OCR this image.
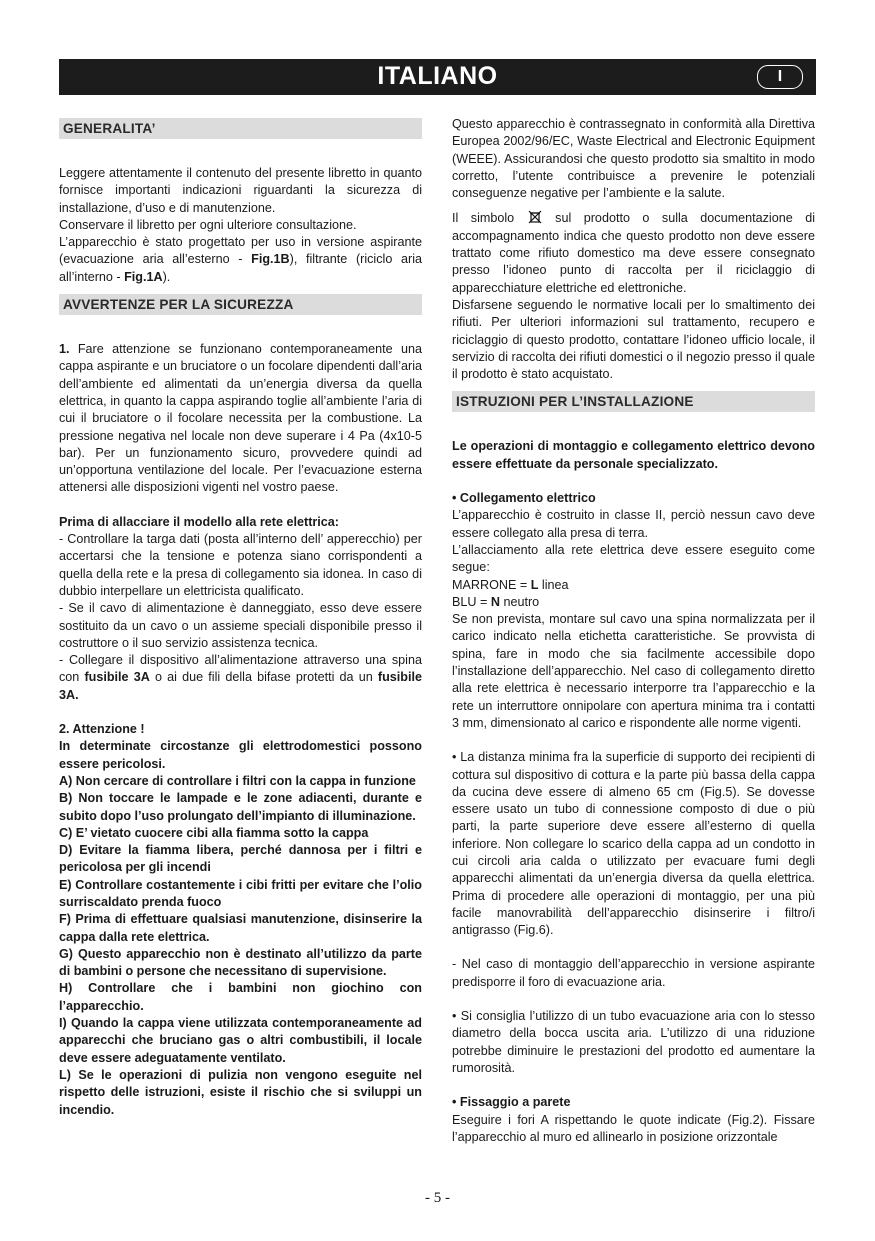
ITALIANO	I
GENERALITA’

Leggere attentamente il contenuto del presente libretto in quanto fornisce importanti indicazioni riguardanti la sicurezza di installazione, d’uso e di manutenzione.

Conservare il libretto per ogni ulteriore consultazione.

L’apparecchio è stato progettato per uso in versione aspirante (evacuazione aria all’esterno - Fig.1B), filtrante (riciclo aria all’interno - Fig.1A).

AVVERTENZE PER LA SICUREZZA

1. Fare attenzione se funzionano contemporaneamente una cappa aspirante e un bruciatore o un focolare dipendenti dall’aria dell’ambiente ed alimentati da un’energia diversa da quella elettrica, in quanto la cappa aspirando toglie all’ambiente l’aria di cui il bruciatore o il focolare necessita per la combustione. La pressione negativa nel locale non deve superare i 4 Pa (4x10-5 bar). Per un funzionamento sicuro, provvedere quindi ad un’opportuna ventilazione del locale. Per l’evacuazione esterna attenersi alle disposizioni vigenti nel vostro paese.

Prima di allacciare il modello alla rete elettrica:

- Controllare la targa dati (posta all’interno dell’ apperecchio) per accertarsi che la tensione e potenza siano corrispondenti a quella della rete e la presa di collegamento sia idonea. In caso di dubbio interpellare un elettricista qualificato.

- Se il cavo di alimentazione è danneggiato, esso deve essere sostituito da un cavo o un assieme speciali disponibile presso il costruttore o il suo servizio assistenza tecnica.

- Collegare il dispositivo all’alimentazione attraverso una spina con fusibile 3A o ai due fili della bifase protetti da un fusibile 3A.

2. Attenzione !

In determinate circostanze gli elettrodomestici possono essere pericolosi.

A) Non cercare di controllare i filtri con la cappa in funzione

B) Non toccare le lampade e le zone adiacenti, durante e subito dopo l’uso prolungato dell’impianto di illuminazione.

C) E’ vietato cuocere cibi alla fiamma sotto la cappa

D) Evitare la fiamma libera, perché dannosa per i filtri e pericolosa per gli incendi

E) Controllare costantemente i cibi fritti per evitare che l’olio surriscaldato prenda fuoco

F) Prima di effettuare qualsiasi manutenzione, disinserire la cappa dalla rete elettrica.

G) Questo apparecchio non è destinato all’utilizzo da parte di bambini o persone che necessitano di supervisione.

H) Controllare che i bambini non giochino con l’apparecchio.

I) Quando la cappa viene utilizzata contemporaneamente ad apparecchi che bruciano gas o altri combustibili, il locale deve essere adeguatamente ventilato.

L) Se le operazioni di pulizia non vengono eseguite nel rispetto delle istruzioni, esiste il rischio che si sviluppi un incendio.

Questo apparecchio è contrassegnato in conformità alla Direttiva Europea 2002/96/EC, Waste Electrical and Electronic Equipment (WEEE). Assicurandosi che questo prodotto sia smaltito in modo corretto, l’utente contribuisce a prevenire le potenziali conseguenze negative per l’ambiente e la salute.

Il simbolo	sul prodotto o sulla documentazione di accompagnamento indica che questo prodotto non deve essere trattato come rifiuto domestico ma deve essere consegnato presso l’idoneo punto di raccolta per il riciclaggio di apparecchiature elettriche ed elettroniche.

Disfarsene seguendo le normative locali per lo smaltimento dei rifiuti. Per ulteriori informazioni sul trattamento, recupero e riciclaggio di questo prodotto, contattare l’idoneo ufficio locale, il servizio di raccolta dei rifiuti domestici o il negozio presso il quale il prodotto è stato acquistato.

ISTRUZIONI PER L’INSTALLAZIONE

Le operazioni di montaggio e collegamento elettrico devono essere effettuate da personale specializzato.

• Collegamento elettrico

L’apparecchio è costruito in classe II, perciò nessun cavo deve essere collegato alla presa di terra.

L’allacciamento alla rete elettrica deve essere eseguito come segue:

MARRONE = L linea

BLU = N neutro

Se non prevista, montare sul cavo una spina normalizzata per il carico indicato nella etichetta caratteristiche. Se provvista di spina, fare in modo che sia facilmente accessibile dopo l’installazione dell’apparecchio. Nel caso di collegamento diretto alla rete elettrica è necessario interporre tra l’apparecchio e la rete un interruttore onnipolare con apertura minima tra i contatti 3 mm, dimensionato al carico e rispondente alle norme vigenti.

• La distanza minima fra la superficie di supporto dei recipienti di cottura sul dispositivo di cottura e la parte più bassa della cappa da cucina deve essere di almeno 65 cm (Fig.5). Se dovesse essere usato un tubo di connessione composto di due o più parti, la parte superiore deve essere all’esterno di quella inferiore. Non collegare lo scarico della cappa ad un condotto in cui circoli aria calda o utilizzato per evacuare fumi degli apparecchi alimentati da un’energia diversa da quella elettrica. Prima di procedere alle operazioni di montaggio, per una più facile manovrabilità dell’apparecchio disinserire i filtro/i antigrasso (Fig.6).

- Nel caso di montaggio dell’apparecchio in versione aspirante predisporre il foro di evacuazione aria.

• Si consiglia l’utilizzo di un tubo evacuazione aria con lo stesso diametro della bocca uscita aria. L’utilizzo di una riduzione potrebbe diminuire le prestazioni del prodotto ed aumentare la rumorosità.

• Fissaggio a parete

Eseguire i fori A rispettando le quote indicate (Fig.2). Fissare l’apparecchio al muro ed allinearlo in posizione orizzontale

- 5 -
